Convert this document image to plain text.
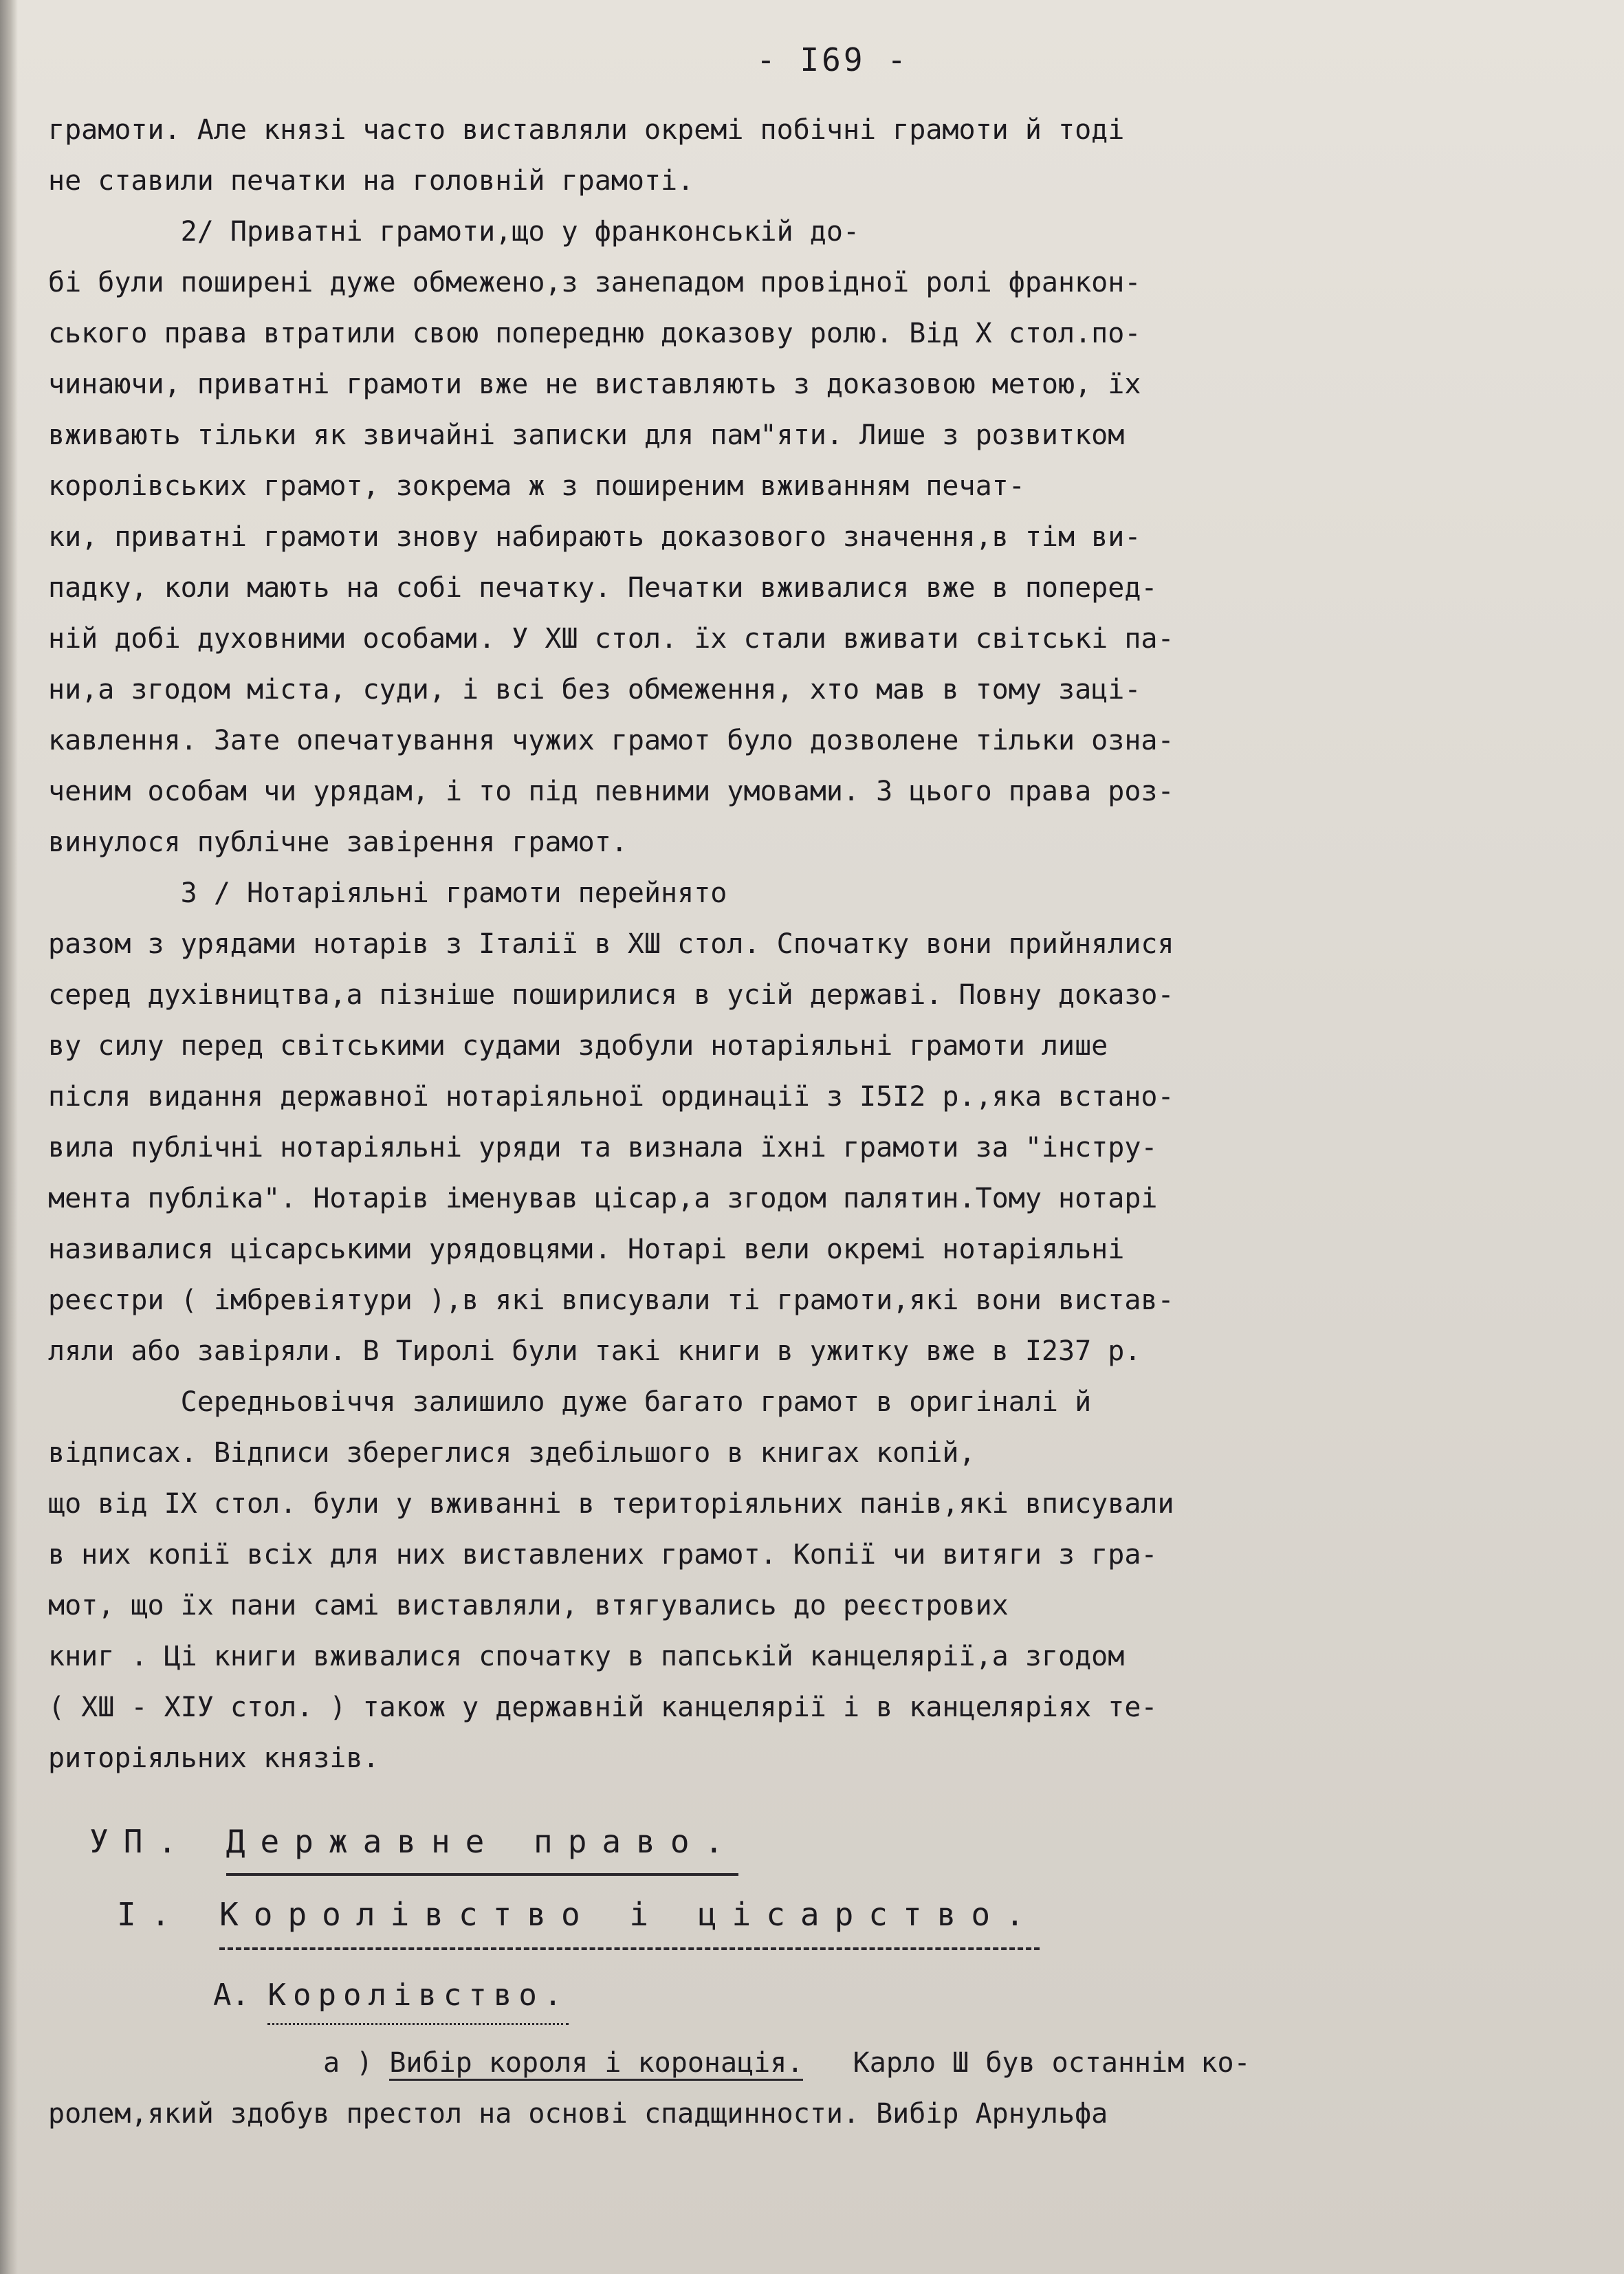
- I69 -
грамоти. Але князі часто виставляли окремі побічні грамоти й тоді
не ставили печатки на головній грамоті.
2/ Приватні грамоти,що у франконській до-
бі були поширені дуже обмежено,з занепадом провідної ролі франкон-
ського права втратили свою попередню доказову ролю. Від X стол.по-
чинаючи, приватні грамоти вже не виставляють з доказовою метою, їх
вживають тільки як звичайні записки для пам"яти. Лише з розвитком
королівських грамот, зокрема ж з поширеним вживанням печат-
ки, приватні грамоти знову набирають доказового значення,в тім ви-
падку, коли мають на собі печатку. Печатки вживалися вже в поперед-
ній добі духовними особами. У ХШ стол. їх стали вживати світські па-
ни,а згодом міста, суди, і всі без обмеження, хто мав в тому заці-
кавлення. Зате опечатування чужих грамот було дозволене тільки озна-
ченим особам чи урядам, і то під певними умовами. З цього права роз-
винулося публічне завірення грамот.
3 / Нотаріяльні грамоти перейнято
разом з урядами нотарів з Італії в ХШ стол. Спочатку вони прийнялися
серед духівництва,а пізніше поширилися в усій державі. Повну доказо-
ву силу перед світськими судами здобули нотаріяльні грамоти лише
після видання державної нотаріяльної ординації з I5I2 р.,яка встано-
вила публічні нотаріяльні уряди та визнала їхні грамоти за "інстру-
мента публіка". Нотарів іменував цісар,а згодом палятин.Тому нотарі
називалися цісарськими урядовцями. Нотарі вели окремі нотаріяльні
реєстри ( імбревіятури ),в які вписували ті грамоти,які вони вистав-
ляли або завіряли. В Тиролі були такі книги в ужитку вже в I237 р.
Середньовіччя залишило дуже багато грамот в оригіналі й
відписах. Відписи збереглися здебільшого в книгах копій,
що від IX стол. були у вживанні в територіяльних панів,які вписували
в них копії всіх для них виставлених грамот. Копії чи витяги з гра-
мот, що їх пани самі виставляли, втягувались до реєстрових
книг . Ці книги вживалися спочатку в папській канцелярії,а згодом
( ХШ - ХІУ стол. ) також у державній канцелярії і в канцеляріях те-
риторіяльних князів.
УП. Державне право.
I. Королівство і цісарство.
А. Королівство.
а ) Вибір короля і коронація. Карло Ш був останнім ко-
ролем,який здобув престол на основі спадщинности. Вибір Арнульфа
